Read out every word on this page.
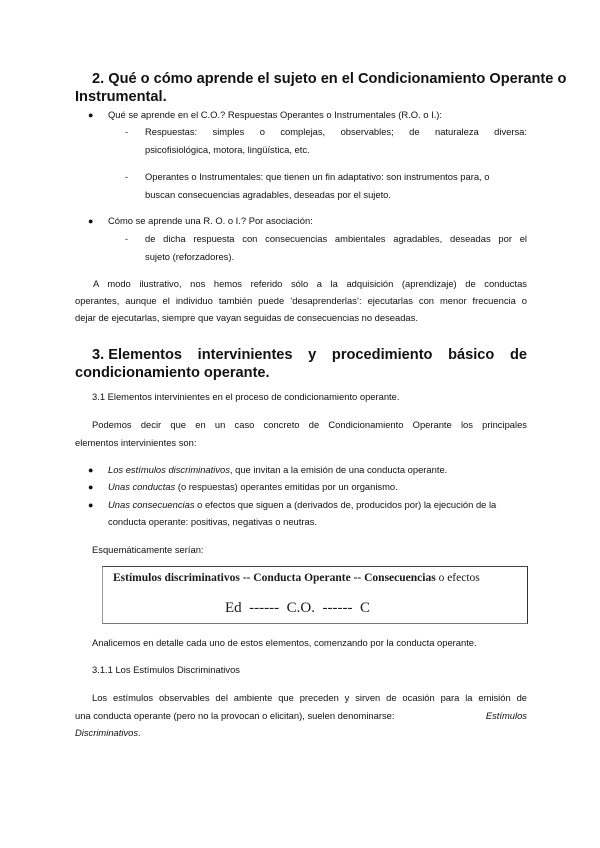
2. Qué o cómo aprende el sujeto en el Condicionamiento Operante o
Instrumental.
● Qué se aprende en el C.O.? Respuestas Operantes o Instrumentales (R.O. o I.):
- Respuestas: simples o complejas, observables; de naturaleza diversa:
psicofisiológica, motora, lingüística, etc.
- Operantes o Instrumentales: que tienen un fin adaptativo: son instrumentos para, o
buscan consecuencias agradables, deseadas por el sujeto.
● Cómo se aprende una R. O. o I.? Por asociación:
- de dicha respuesta con consecuencias ambientales agradables, deseadas por el
sujeto (reforzadores).
A modo ilustrativo, nos hemos referido sólo a la adquisición (aprendizaje) de conductas
operantes, aunque el individuo también puede ‘desaprenderlas’: ejecutarlas con menor frecuencia o
dejar de ejecutarlas, siempre que vayan seguidas de consecuencias no deseadas.
3. Elementos intervinientes y procedimiento básico de
condicionamiento operante.
3.1 Elementos intervinientes en el proceso de condicionamiento operante.
Podemos decir que en un caso concreto de Condicionamiento Operante los principales
elementos intervinientes son:
● Los estímulos discriminativos, que invitan a la emisión de una conducta operante.
● Unas conductas (o respuestas) operantes emitidas por un organismo.
● Unas consecuencias o efectos que siguen a (derivados de, producidos por) la ejecución de la
conducta operante: positivas, negativas o neutras.
Esquemáticamente serían:
Estímulos discriminativos -- Conducta Operante -- Consecuencias o efectos
Ed  ------  C.O.  ------  C
Analicemos en detalle cada uno de estos elementos, comenzando por la conducta operante.
3.1.1 Los Estímulos Discriminativos
Los estímulos observables del ambiente que preceden y sirven de ocasión para la emisión de
una conducta operante (pero no la provocan o elicitan), suelen denominarse:	Estímulos
Discriminativos.
